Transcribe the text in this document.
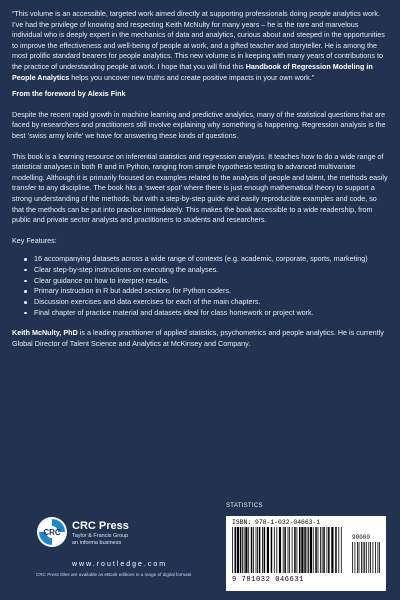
“This volume is an accessible, targeted work aimed directly at supporting professionals doing people analytics work. I’ve had the privilege of knowing and respecting Keith McNulty for many years – he is the rare and marvelous individual who is deeply expert in the mechanics of data and analytics, curious about and steeped in the opportunities to improve the effectiveness and well-being of people at work, and a gifted teacher and storyteller. He is among the most prolific standard bearers for people analytics. This new volume is in keeping with many years of contributions to the practice of understanding people at work. I hope that you will find this Handbook of Regression Modeling in People Analytics helps you uncover new truths and create positive impacts in your own work.”

From the foreword by Alexis Fink

Despite the recent rapid growth in machine learning and predictive analytics, many of the statistical questions that are faced by researchers and practitioners still involve explaining why something is happening. Regression analysis is the best ‘swiss army knife’ we have for answering these kinds of questions.

This book is a learning resource on inferential statistics and regression analysis. It teaches how to do a wide range of statistical analyses in both R and in Python, ranging from simple hypothesis testing to advanced multivariate modelling. Although it is primarily focused on examples related to the analysis of people and talent, the methods easily transfer to any discipline. The book hits a ‘sweet spot’ where there is just enough mathematical theory to support a strong understanding of the methods, but with a step-by-step guide and easily reproducible examples and code, so that the methods can be put into practice immediately. This makes the book accessible to a wide readership, from public and private sector analysts and practitioners to students and researchers.

Key Features:

16 accompanying datasets across a wide range of contexts (e.g. academic, corporate, sports, marketing)
Clear step-by-step instructions on executing the analyses.
Clear guidance on how to interpret results.
Primary instruction in R but added sections for Python coders.
Discussion exercises and data exercises for each of the main chapters.
Final chapter of practice material and datasets ideal for class homework or project work.

Keith McNulty, PhD is a leading practitioner of applied statistics, psychometrics and people analytics. He is currently Global Director of Talent Science and Analytics at McKinsey and Company.

CRC
CRC Press
Taylor & Francis Group
an informa business
www.routledge.com
CRC Press titles are available as eBook editions in a range of digital formats
STATISTICS
ISBN: 978-1-032-04663-1
90000
9 781032 046631
